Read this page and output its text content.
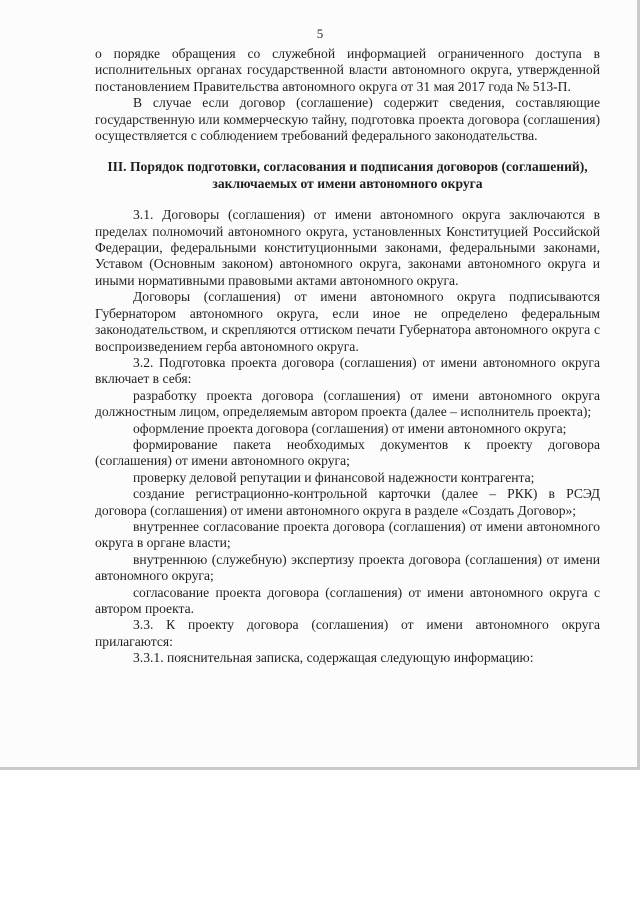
5

о порядке обращения со служебной информацией ограниченного доступа в исполнительных органах государственной власти автономного округа, утвержденной постановлением Правительства автономного округа от 31 мая 2017 года № 513-П.

В случае если договор (соглашение) содержит сведения, составляющие государственную или коммерческую тайну, подготовка проекта договора (соглашения) осуществляется с соблюдением требований федерального законодательства.

III. Порядок подготовки, согласования и подписания договоров (соглашений), заключаемых от имени автономного округа

3.1. Договоры (соглашения) от имени автономного округа заключаются в пределах полномочий автономного округа, установленных Конституцией Российской Федерации, федеральными конституционными законами, федеральными законами, Уставом (Основным законом) автономного округа, законами автономного округа и иными нормативными правовыми актами автономного округа.

Договоры (соглашения) от имени автономного округа подписываются Губернатором автономного округа, если иное не определено федеральным законодательством, и скрепляются оттиском печати Губернатора автономного округа с воспроизведением герба автономного округа.

3.2. Подготовка проекта договора (соглашения) от имени автономного округа включает в себя:

разработку проекта договора (соглашения) от имени автономного округа должностным лицом, определяемым автором проекта (далее – исполнитель проекта);

оформление проекта договора (соглашения) от имени автономного округа;

формирование пакета необходимых документов к проекту договора (соглашения) от имени автономного округа;

проверку деловой репутации и финансовой надежности контрагента;

создание регистрационно-контрольной карточки (далее – РКК) в РСЭД договора (соглашения) от имени автономного округа в разделе «Создать Договор»;

внутреннее согласование проекта договора (соглашения) от имени автономного округа в органе власти;

внутреннюю (служебную) экспертизу проекта договора (соглашения) от имени автономного округа;

согласование проекта договора (соглашения) от имени автономного округа с автором проекта.

3.3. К проекту договора (соглашения) от имени автономного округа прилагаются:

3.3.1. пояснительная записка, содержащая следующую информацию:
